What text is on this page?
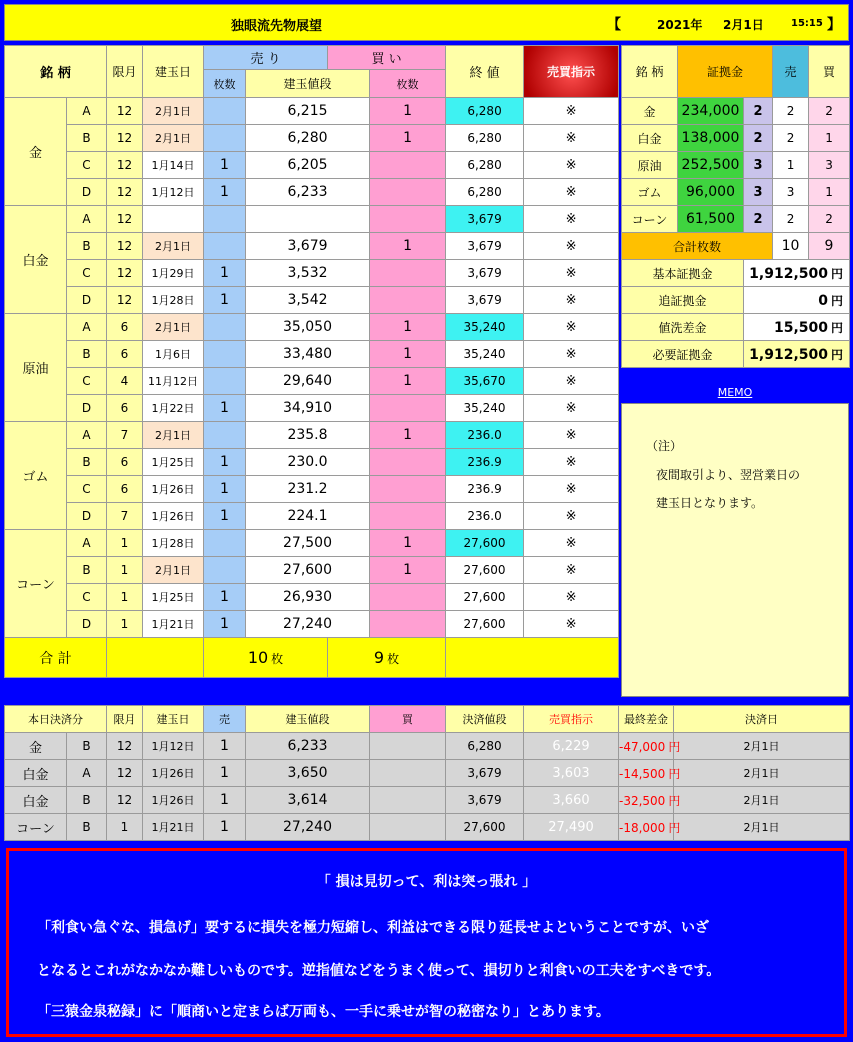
独眼流先物展望	【	2021年 2月1日	15:15 】
銘 柄		限月	建玉日	売 り		買 い		終 値	売買指示	
				枚数	建玉値段		枚数			
金	A	12	2月1日		6,215		1	6,280	※	
	B	12	2月1日		6,280		1	6,280	※	
	C	12	1月14日	1	6,205			6,280	※	
	D	12	1月12日	1	6,233			6,280	※	
白金	A	12						3,679	※	
	B	12	2月1日		3,679		1	3,679	※	
	C	12	1月29日	1	3,532			3,679	※	
	D	12	1月28日	1	3,542			3,679	※	
原油	A	6	2月1日		35,050		1	35,240	※	
	B	6	1月6日		33,480		1	35,240	※	
	C	4	11月12日		29,640		1	35,670	※	
	D	6	1月22日	1	34,910			35,240	※	
ゴム	A	7	2月1日		235.8		1	236.0	※	
	B	6	1月25日	1	230.0			236.9	※	
	C	6	1月26日	1	231.2			236.9	※	
	D	7	1月26日	1	224.1			236.0	※	
コーン	A	1	1月28日		27,500		1	27,600	※	
	B	1	2月1日		27,600		1	27,600	※	
	C	1	1月25日	1	26,930			27,600	※	
	D	1	1月21日	1	27,240			27,600	※	
合 計				10 枚		9 枚		
銘 柄	証拠金		売	買
金	234,000	2	2	2
白金	138,000	2	2	1
原油	252,500	3	1	3
ゴム	96,000	3	3	1
コーン	61,500	2	2	2
合計枚数			10	9
基本証拠金		1,912,500 円		
追証拠金		0 円		
値洗差金		15,500 円		
必要証拠金		1,912,500 円		
MEMO
（注）
夜間取引より、翌営業日の
建玉日となります。
本日決済分		限月	建玉日	売	建玉値段	買	決済値段	売買指示	最終差金	決済日	
金	B	12	1月12日	1	6,233		6,280	6,229	-47,000 円	2月1日	
白金	A	12	1月26日	1	3,650		3,679	3,603	-14,500 円	2月1日	
白金	B	12	1月26日	1	3,614		3,679	3,660	-32,500 円	2月1日	
コーン	B	1	1月21日	1	27,240		27,600	27,490	-18,000 円	2月1日	
「 損は見切って、利は突っ張れ 」
「利食い急ぐな、損急げ」要するに損失を極力短縮し、利益はできる限り延長せよということですが、いざ
となるとこれがなかなか難しいものです。逆指値などをうまく使って、損切りと利食いの工夫をすべきです。
「三猿金泉秘録」に「順商いと定まらば万両も、一手に乗せが智の秘密なり」とあります。
